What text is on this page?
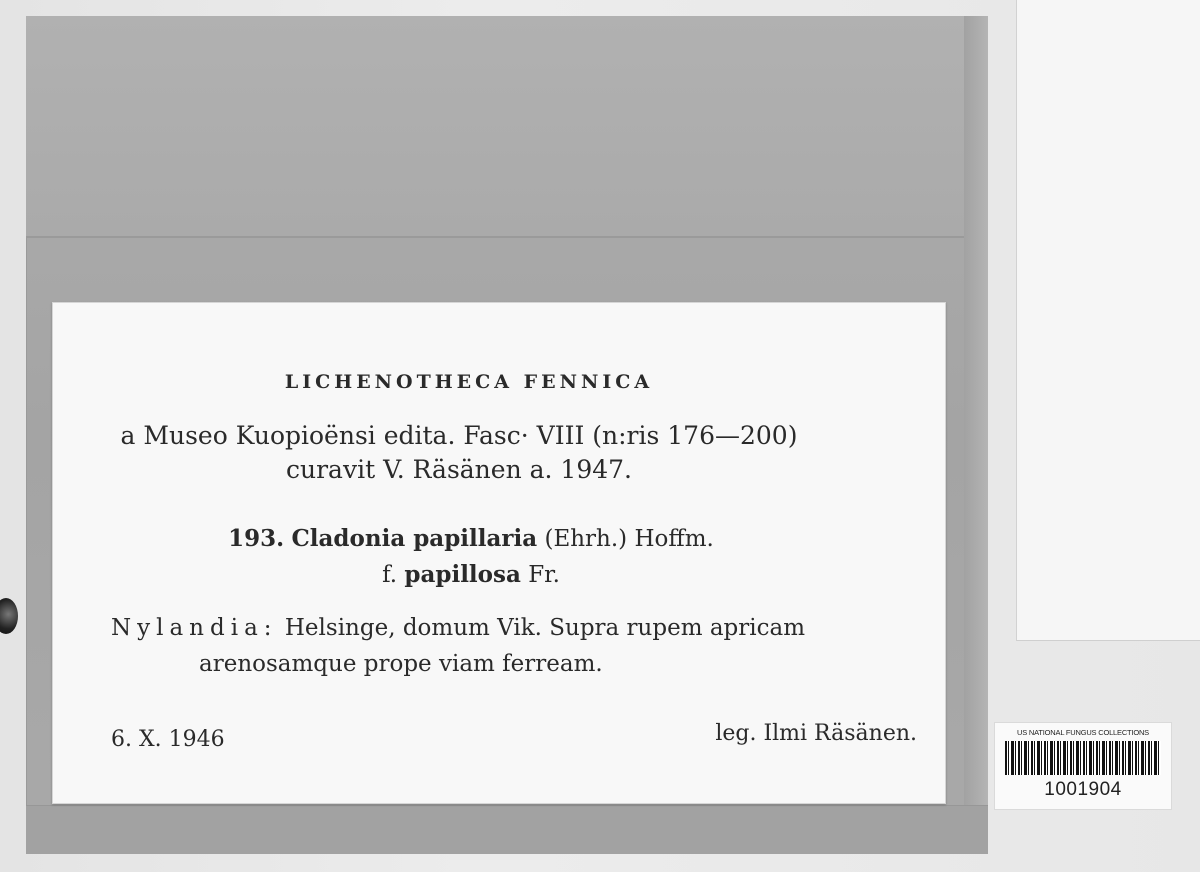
LICHENOTHECA FENNICA
a Museo Kuopioënsi edita. Fasc· VIII (n:ris 176—200)
curavit V. Räsänen a. 1947.
193. Cladonia papillaria (Ehrh.) Hoffm.
f. papillosa Fr.
Nylandia: Helsinge, domum Vik. Supra rupem apricam
arenosamque prope viam ferream.
6. X. 1946	leg. Ilmi Räsänen.	US NATIONAL FUNGUS COLLECTIONS
1001904
